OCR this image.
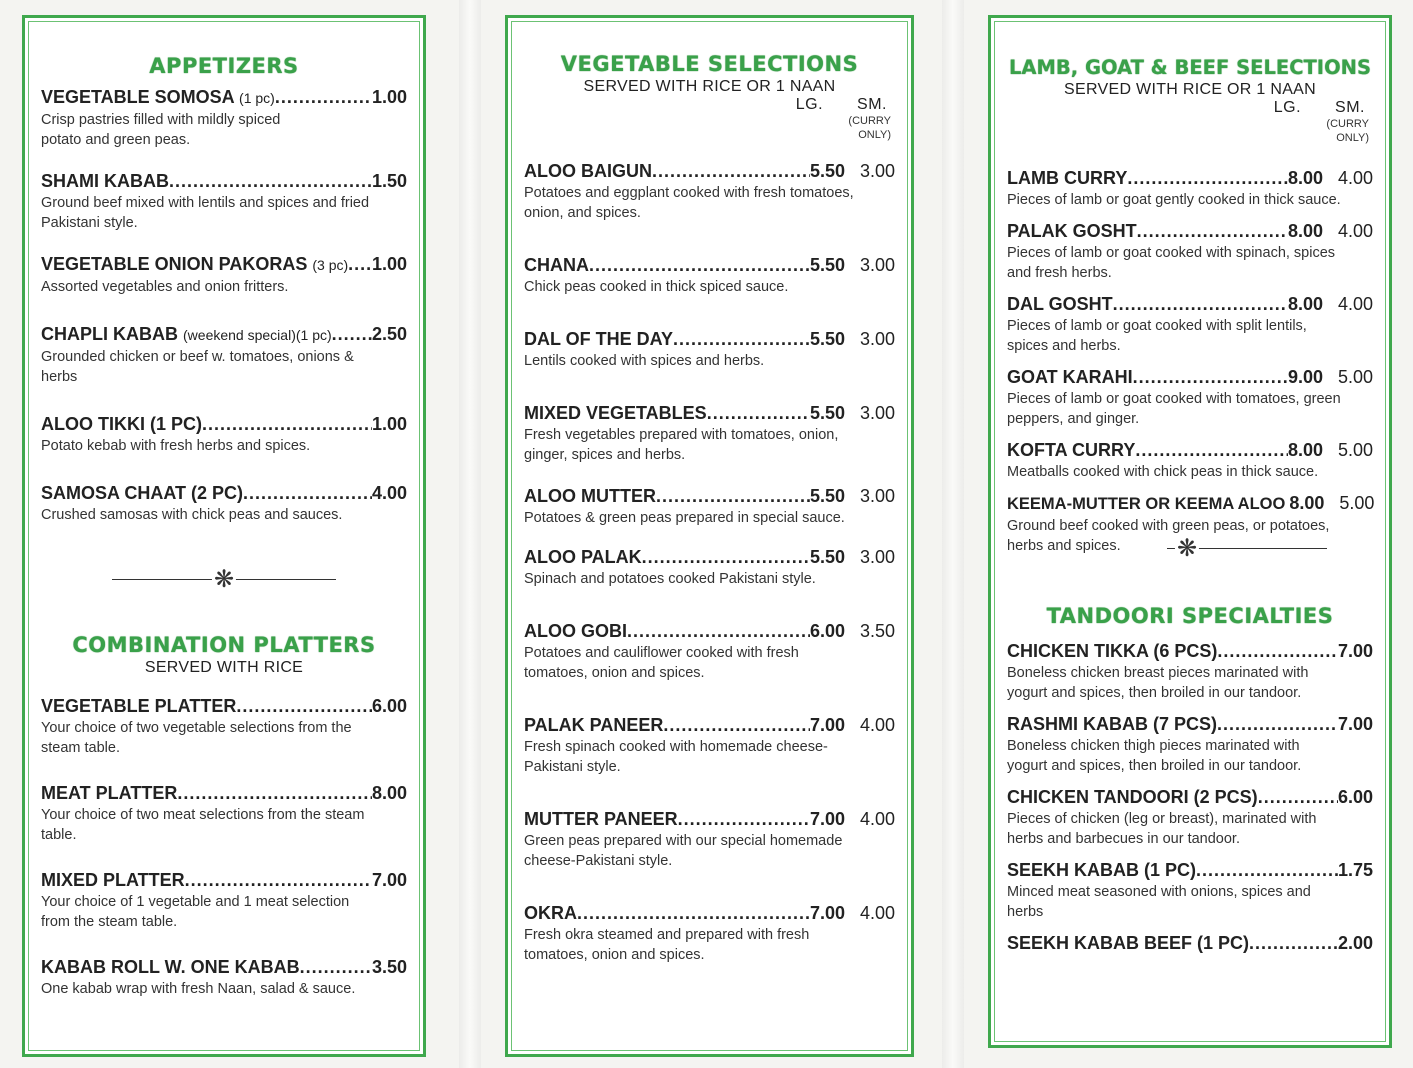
APPETIZERS
VEGETABLE SOMOSA (1 pc) .....	1.00
Crisp pastries filled with mildly spiced potato and green peas.
SHAMI KABAB .....	1.50
Ground beef mixed with lentils and spices and fried Pakistani style.
VEGETABLE ONION PAKORAS (3 pc) ..... 1.00
Assorted vegetables and onion fritters.
CHAPLI KABAB (weekend special)(1 pc) ..... 2.50
Grounded chicken or beef w. tomatoes, onions & herbs
ALOO TIKKI (1 PC) .....	1.00
Potato kebab with fresh herbs and spices.
SAMOSA CHAAT (2 PC) .....	4.00
Crushed samosas with chick peas and sauces.
❋
COMBINATION PLATTERS
SERVED WITH RICE
VEGETABLE PLATTER .....	6.00
Your choice of two vegetable selections from the steam table.
MEAT PLATTER .....	8.00
Your choice of two meat selections from the steam table.
MIXED PLATTER .....	7.00
Your choice of 1 vegetable and 1 meat selection from the steam table.
KABAB ROLL W. ONE KABAB .....	3.50
One kabab wrap with fresh Naan, salad & sauce.
VEGETABLE SELECTIONS
SERVED WITH RICE OR 1 NAAN
LG. SM.
(CURRY ONLY)
ALOO BAIGUN .....	5.50 3.00
Potatoes and eggplant cooked with fresh tomatoes, onion, and spices.
CHANA .....	5.50 3.00
Chick peas cooked in thick spiced sauce.
DAL OF THE DAY .....	5.50 3.00
Lentils cooked with spices and herbs.
MIXED VEGETABLES .....	5.50 3.00
Fresh vegetables prepared with tomatoes, onion, ginger, spices and herbs.
ALOO MUTTER .....	5.50 3.00
Potatoes & green peas prepared in special sauce.
ALOO PALAK .....	5.50 3.00
Spinach and potatoes cooked Pakistani style.
ALOO GOBI .....	6.00 3.50
Potatoes and cauliflower cooked with fresh tomatoes, onion and spices.
PALAK PANEER .....	7.00 4.00
Fresh spinach cooked with homemade cheese-Pakistani style.
MUTTER PANEER .....	7.00 4.00
Green peas prepared with our special homemade cheese-Pakistani style.
OKRA .....	7.00 4.00
Fresh okra steamed and prepared with fresh tomatoes, onion and spices.
LAMB, GOAT & BEEF SELECTIONS
SERVED WITH RICE OR 1 NAAN
LG. SM.
(CURRY ONLY)
LAMB CURRY .....	8.00 4.00
Pieces of lamb or goat gently cooked in thick sauce.
PALAK GOSHT .....	8.00 4.00
Pieces of lamb or goat cooked with spinach, spices and fresh herbs.
DAL GOSHT .....	8.00 4.00
Pieces of lamb or goat cooked with split lentils, spices and herbs.
GOAT KARAHI .....	9.00 5.00
Pieces of lamb or goat cooked with tomatoes, green peppers, and ginger.
KOFTA CURRY .....	8.00 5.00
Meatballs cooked with chick peas in thick sauce.
KEEMA-MUTTER OR KEEMA ALOO 8.00 5.00
Ground beef cooked with green peas, or potatoes, herbs and spices.	❋
TANDOORI SPECIALTIES
CHICKEN TIKKA (6 PCS) .....	7.00
Boneless chicken breast pieces marinated with yogurt and spices, then broiled in our tandoor.
RASHMI KABAB (7 PCS) .....	7.00
Boneless chicken thigh pieces marinated with yogurt and spices, then broiled in our tandoor.
CHICKEN TANDOORI (2 PCS) .....	6.00
Pieces of chicken (leg or breast), marinated with herbs and barbecues in our tandoor.
SEEKH KABAB (1 PC) .....	1.75
Minced meat seasoned with onions, spices and herbs
SEEKH KABAB BEEF (1 PC) .....	2.00
